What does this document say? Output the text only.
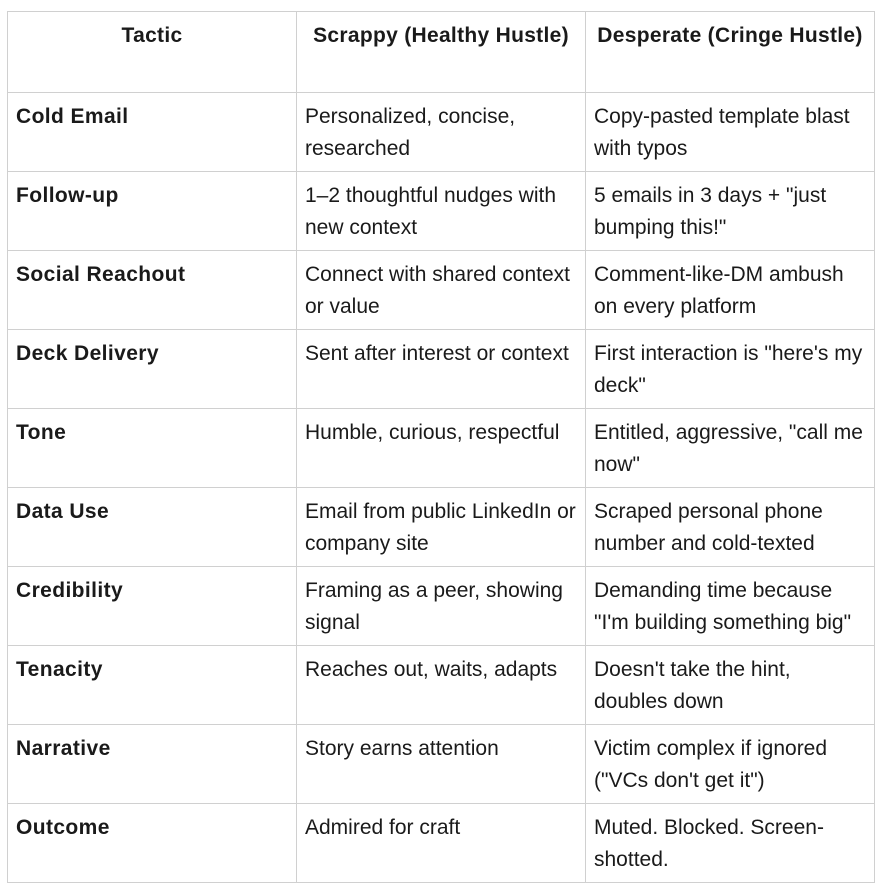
Tactic	Scrappy (Healthy Hustle)	Desperate (Cringe Hustle)
Cold Email	Personalized, concise, researched	Copy-pasted template blast with typos
Follow-up	1–2 thoughtful nudges with new context	5 emails in 3 days + "just bumping this!"
Social Reachout	Connect with shared context or value	Comment-like-DM ambush on every platform
Deck Delivery	Sent after interest or context	First interaction is "here's my deck"
Tone	Humble, curious, respectful	Entitled, aggressive, "call me now"
Data Use	Email from public LinkedIn or company site	Scraped personal phone number and cold-texted
Credibility	Framing as a peer, showing signal	Demanding time because "I'm building something big"
Tenacity	Reaches out, waits, adapts	Doesn't take the hint, doubles down
Narrative	Story earns attention	Victim complex if ignored ("VCs don't get it")
Outcome	Admired for craft	Muted. Blocked. Screen-shotted.
